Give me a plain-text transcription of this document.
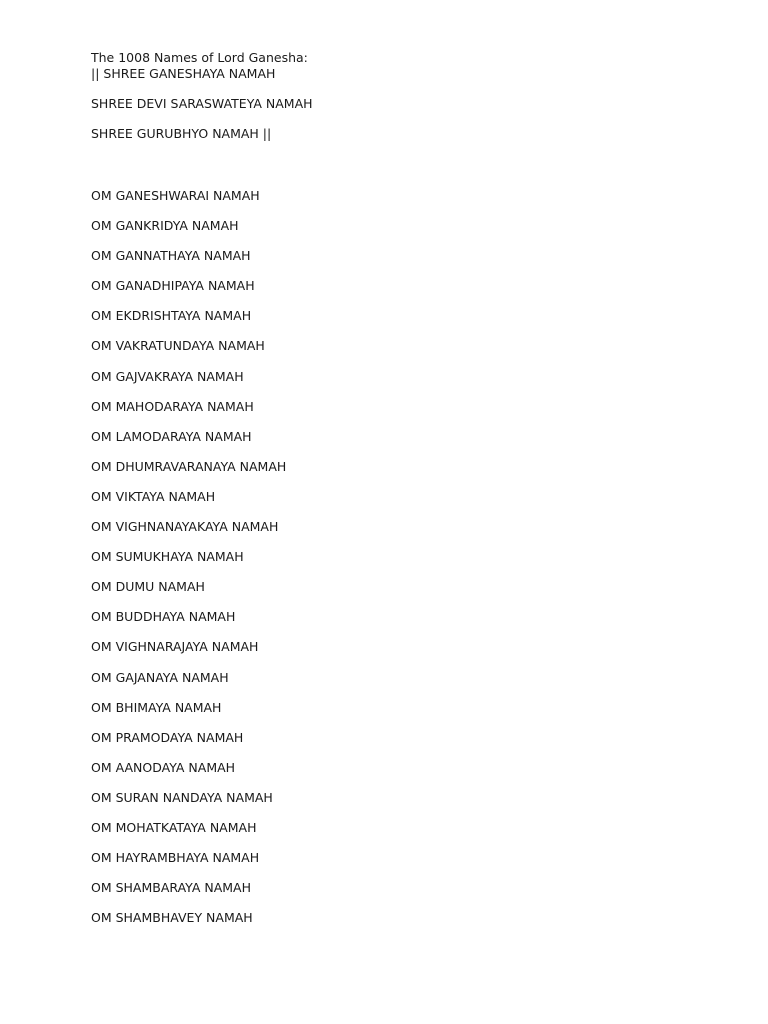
The 1008 Names of Lord Ganesha:
|| SHREE GANESHAYA NAMAH
SHREE DEVI SARASWATEYA NAMAH
SHREE GURUBHYO NAMAH ||
OM GANESHWARAI NAMAH
OM GANKRIDYA NAMAH
OM GANNATHAYA NAMAH
OM GANADHIPAYA NAMAH
OM EKDRISHTAYA NAMAH
OM VAKRATUNDAYA NAMAH
OM GAJVAKRAYA NAMAH
OM MAHODARAYA NAMAH
OM LAMODARAYA NAMAH
OM DHUMRAVARANAYA NAMAH
OM VIKTAYA NAMAH
OM VIGHNANAYAKAYA NAMAH
OM SUMUKHAYA NAMAH
OM DUMU NAMAH
OM BUDDHAYA NAMAH
OM VIGHNARAJAYA NAMAH
OM GAJANAYA NAMAH
OM BHIMAYA NAMAH
OM PRAMODAYA NAMAH
OM AANODAYA NAMAH
OM SURAN NANDAYA NAMAH
OM MOHATKATAYA NAMAH
OM HAYRAMBHAYA NAMAH
OM SHAMBARAYA NAMAH
OM SHAMBHAVEY NAMAH
